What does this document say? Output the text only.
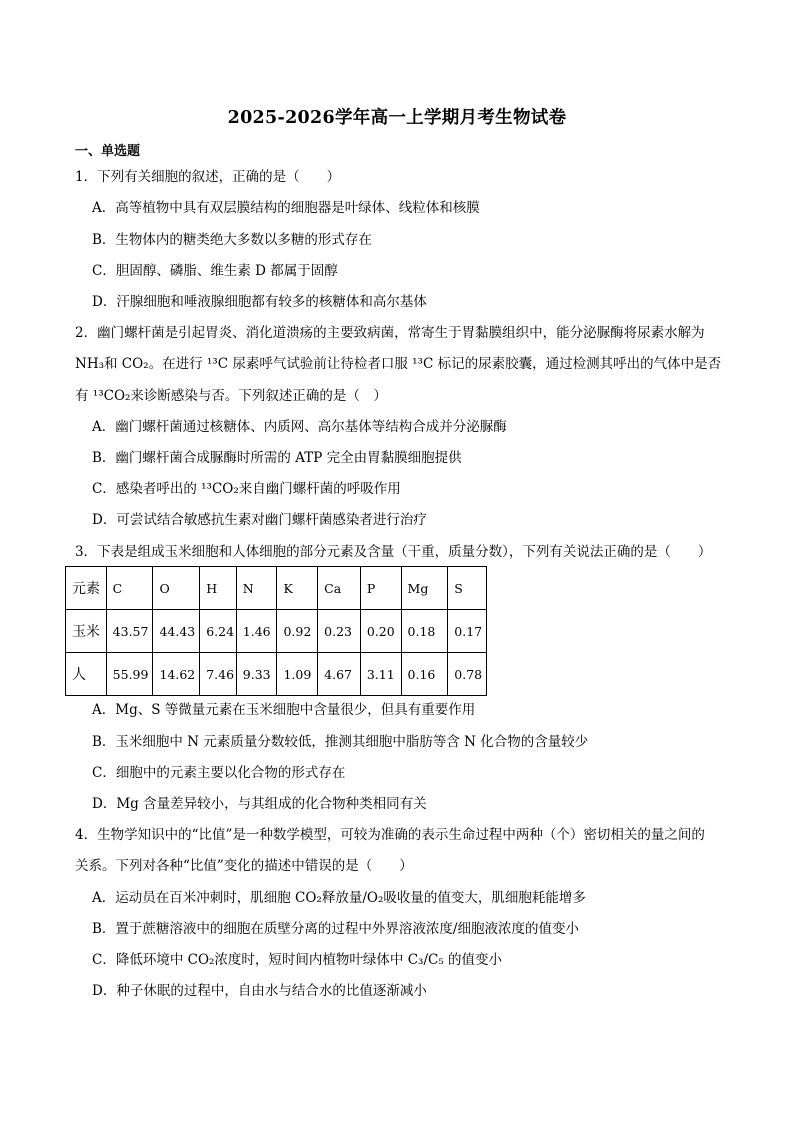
2025-2026学年高一上学期月考生物试卷
一、单选题
1．下列有关细胞的叙述，正确的是（　　）
A．高等植物中具有双层膜结构的细胞器是叶绿体、线粒体和核膜
B．生物体内的糖类绝大多数以多糖的形式存在
C．胆固醇、磷脂、维生素 D 都属于固醇
D．汗腺细胞和唾液腺细胞都有较多的核糖体和高尔基体
2．幽门螺杆菌是引起胃炎、消化道溃疡的主要致病菌，常寄生于胃黏膜组织中，能分泌脲酶将尿素水解为
NH₃和 CO₂。在进行 ¹³C 尿素呼气试验前让待检者口服 ¹³C 标记的尿素胶囊，通过检测其呼出的气体中是否
有 ¹³CO₂来诊断感染与否。下列叙述正确的是（　）
A．幽门螺杆菌通过核糖体、内质网、高尔基体等结构合成并分泌脲酶
B．幽门螺杆菌合成脲酶时所需的 ATP 完全由胃黏膜细胞提供
C．感染者呼出的 ¹³CO₂来自幽门螺杆菌的呼吸作用
D．可尝试结合敏感抗生素对幽门螺杆菌感染者进行治疗
3．下表是组成玉米细胞和人体细胞的部分元素及含量（干重，质量分数），下列有关说法正确的是（　　）
元素	C	O	H	N	K	Ca	P	Mg	S
玉米	43.57	44.43	6.24	1.46	0.92	0.23	0.20	0.18	0.17
人	55.99	14.62	7.46	9.33	1.09	4.67	3.11	0.16	0.78
A．Mg、S 等微量元素在玉米细胞中含量很少，但具有重要作用
B．玉米细胞中 N 元素质量分数较低，推测其细胞中脂肪等含 N 化合物的含量较少
C．细胞中的元素主要以化合物的形式存在
D．Mg 含量差异较小，与其组成的化合物种类相同有关
4．生物学知识中的“比值”是一种数学模型，可较为准确的表示生命过程中两种（个）密切相关的量之间的
关系。下列对各种“比值”变化的描述中错误的是（　　）
A．运动员在百米冲刺时，肌细胞 CO₂释放量/O₂吸收量的值变大，肌细胞耗能增多
B．置于蔗糖溶液中的细胞在质壁分离的过程中外界溶液浓度/细胞液浓度的值变小
C．降低环境中 CO₂浓度时，短时间内植物叶绿体中 C₃/C₅ 的值变小
D．种子休眠的过程中，自由水与结合水的比值逐渐减小
